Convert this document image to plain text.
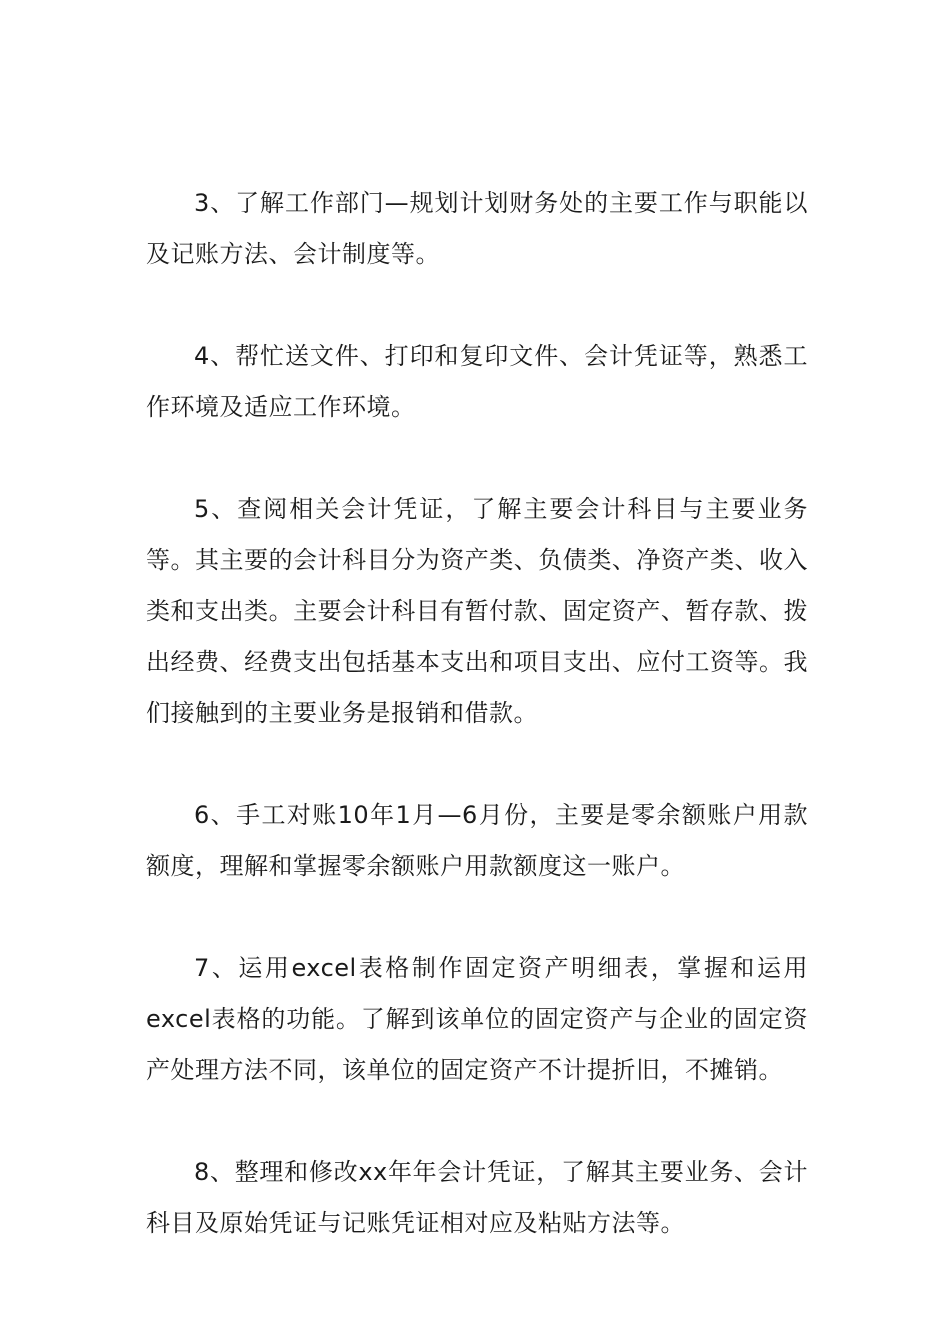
3、了解工作部门—规划计划财务处的主要工作与职能以及记账方法、会计制度等。

4、帮忙送文件、打印和复印文件、会计凭证等，熟悉工作环境及适应工作环境。

5、查阅相关会计凭证，了解主要会计科目与主要业务等。其主要的会计科目分为资产类、负债类、净资产类、收入类和支出类。主要会计科目有暂付款、固定资产、暂存款、拨出经费、经费支出包括基本支出和项目支出、应付工资等。我们接触到的主要业务是报销和借款。

6、手工对账10年1月—6月份，主要是零余额账户用款额度，理解和掌握零余额账户用款额度这一账户。

7、运用excel表格制作固定资产明细表，掌握和运用excel表格的功能。了解到该单位的固定资产与企业的固定资产处理方法不同，该单位的固定资产不计提折旧，不摊销。

8、整理和修改xx年年会计凭证，了解其主要业务、会计科目及原始凭证与记账凭证相对应及粘贴方法等。
